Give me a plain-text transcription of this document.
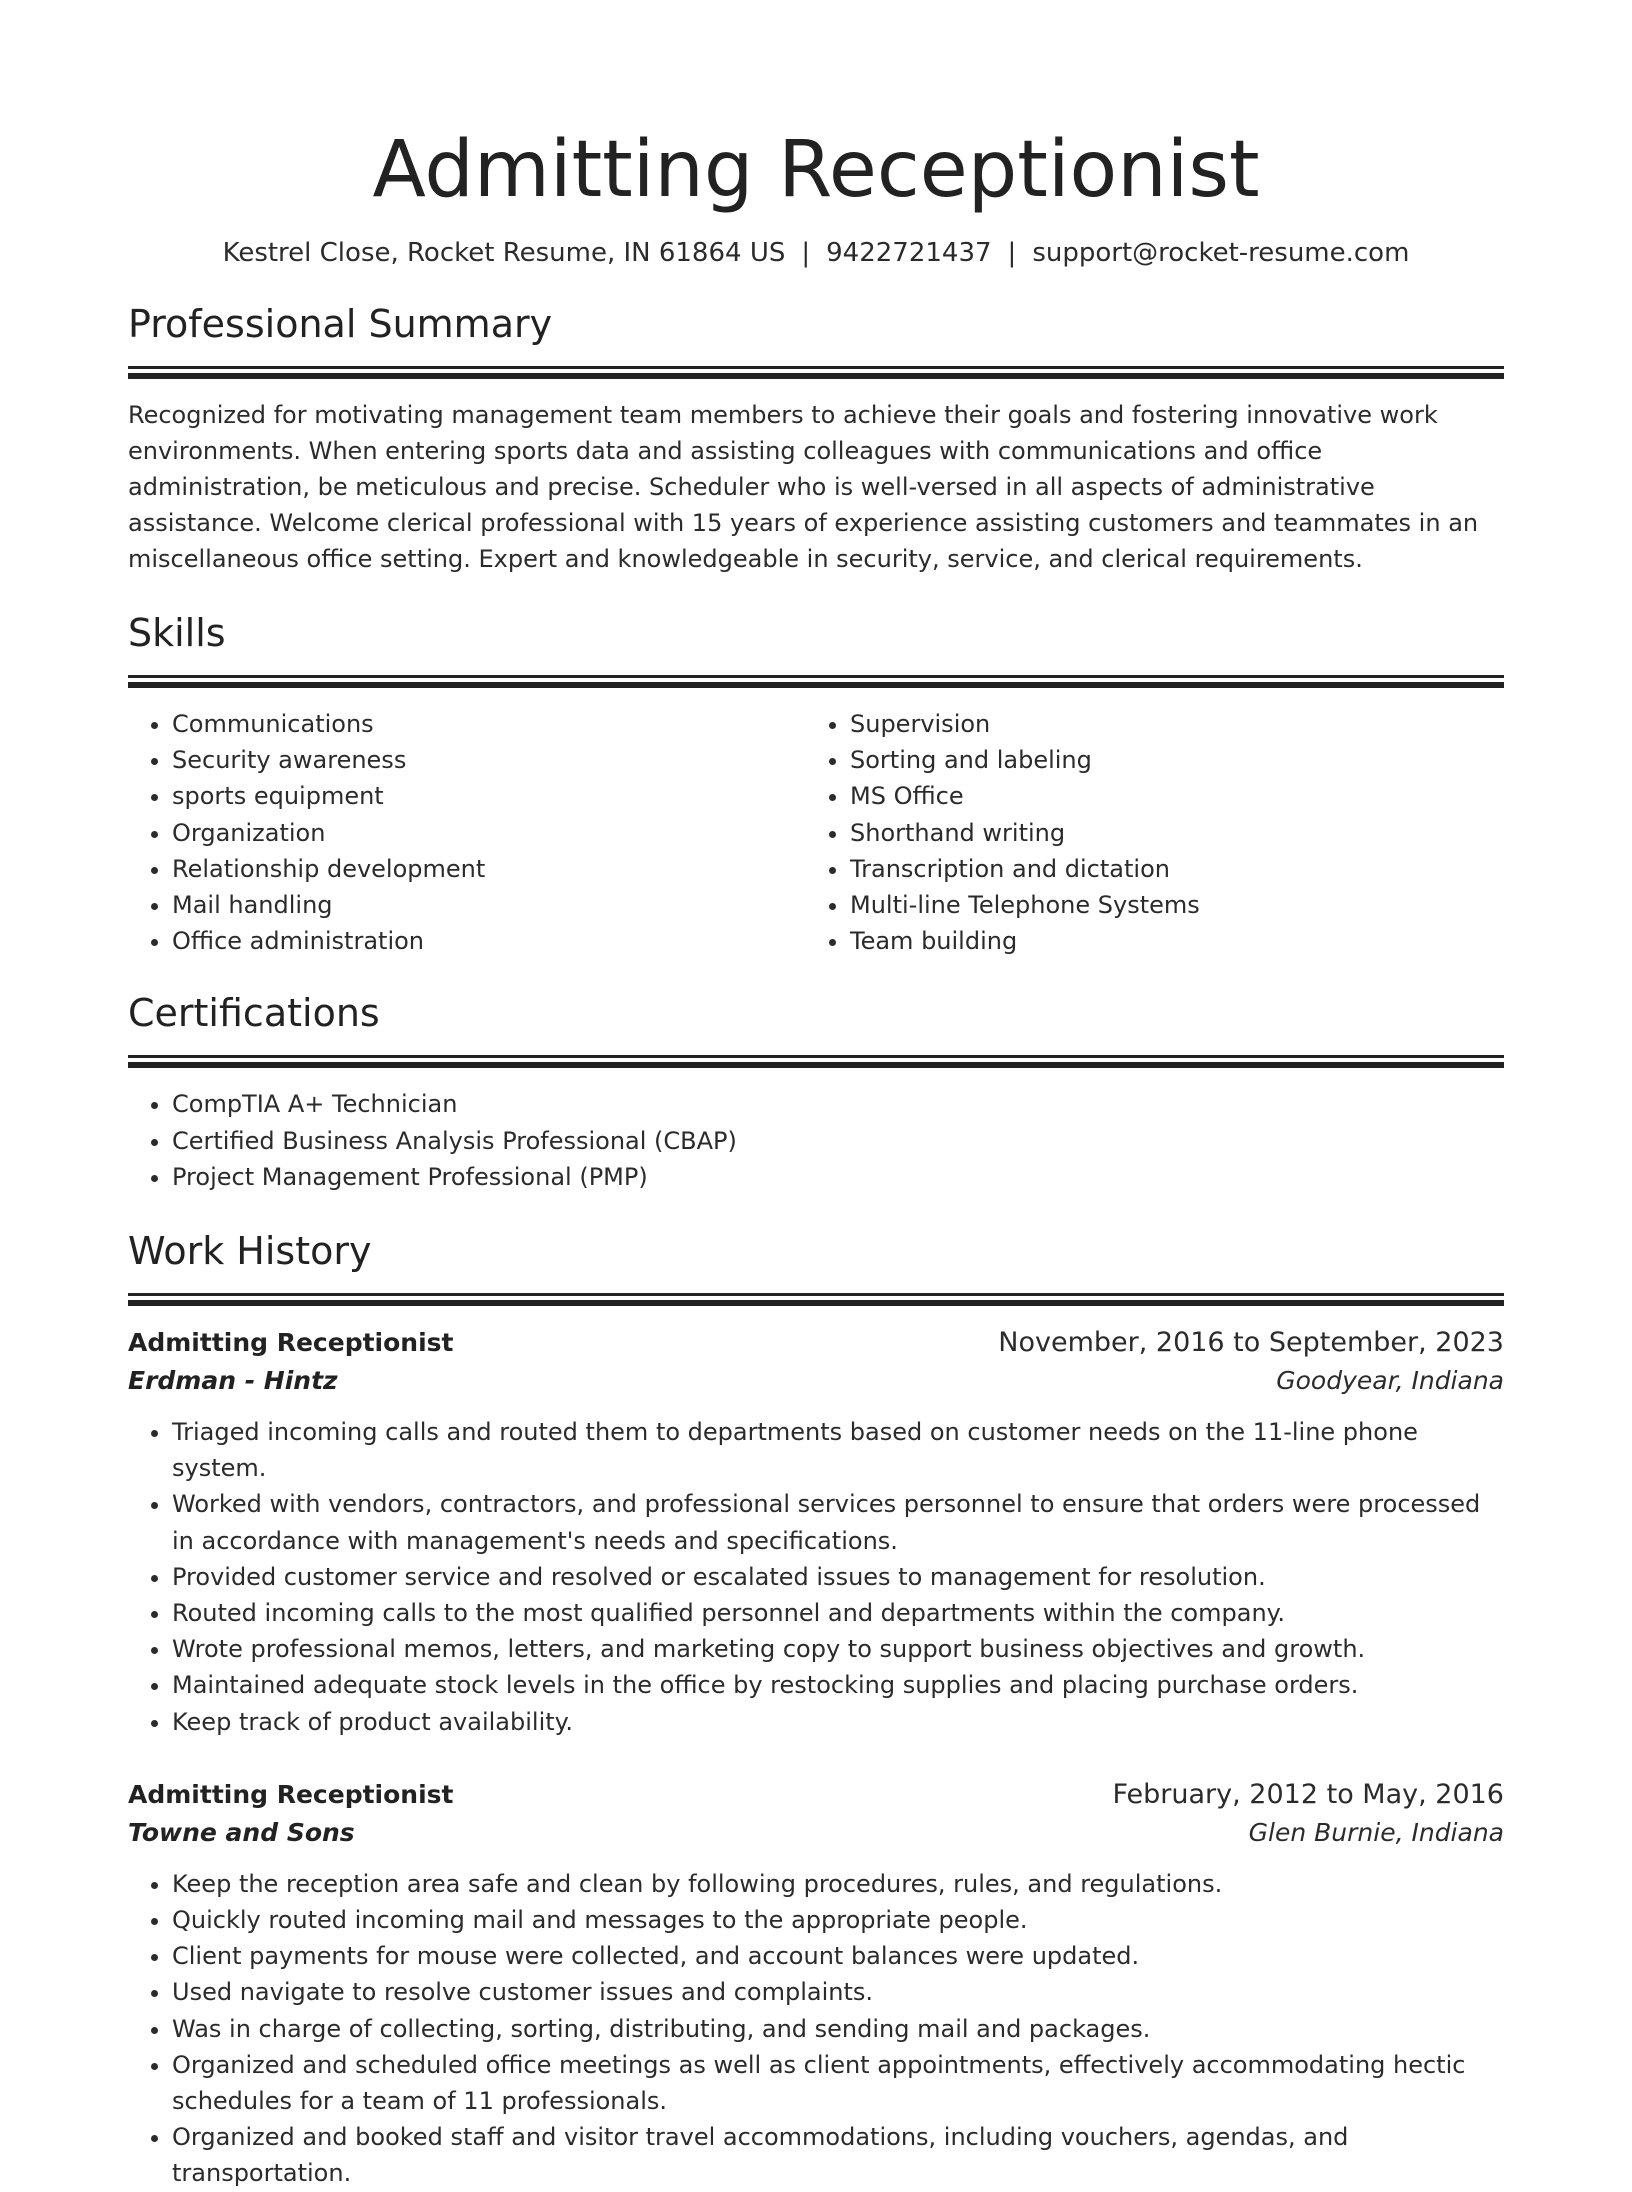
Admitting Receptionist
Kestrel Close, Rocket Resume, IN 61864 US | 9422721437 | support@rocket-resume.com
Professional Summary
Recognized for motivating management team members to achieve their goals and fostering innovative work environments. When entering sports data and assisting colleagues with communications and office administration, be meticulous and precise. Scheduler who is well-versed in all aspects of administrative assistance. Welcome clerical professional with 15 years of experience assisting customers and teammates in an miscellaneous office setting. Expert and knowledgeable in security, service, and clerical requirements.
Skills
• Communications
• Security awareness
• sports equipment
• Organization
• Relationship development
• Mail handling
• Office administration
• Supervision
• Sorting and labeling
• MS Office
• Shorthand writing
• Transcription and dictation
• Multi-line Telephone Systems
• Team building
Certifications
• CompTIA A+ Technician
• Certified Business Analysis Professional (CBAP)
• Project Management Professional (PMP)
Work History
Admitting Receptionist	November, 2016 to September, 2023
Erdman - Hintz	Goodyear, Indiana
• Triaged incoming calls and routed them to departments based on customer needs on the 11-line phone system.
• Worked with vendors, contractors, and professional services personnel to ensure that orders were processed in accordance with management's needs and specifications.
• Provided customer service and resolved or escalated issues to management for resolution.
• Routed incoming calls to the most qualified personnel and departments within the company.
• Wrote professional memos, letters, and marketing copy to support business objectives and growth.
• Maintained adequate stock levels in the office by restocking supplies and placing purchase orders.
• Keep track of product availability.
Admitting Receptionist	February, 2012 to May, 2016
Towne and Sons	Glen Burnie, Indiana
• Keep the reception area safe and clean by following procedures, rules, and regulations.
• Quickly routed incoming mail and messages to the appropriate people.
• Client payments for mouse were collected, and account balances were updated.
• Used navigate to resolve customer issues and complaints.
• Was in charge of collecting, sorting, distributing, and sending mail and packages.
• Organized and scheduled office meetings as well as client appointments, effectively accommodating hectic schedules for a team of 11 professionals.
• Organized and booked staff and visitor travel accommodations, including vouchers, agendas, and transportation.
